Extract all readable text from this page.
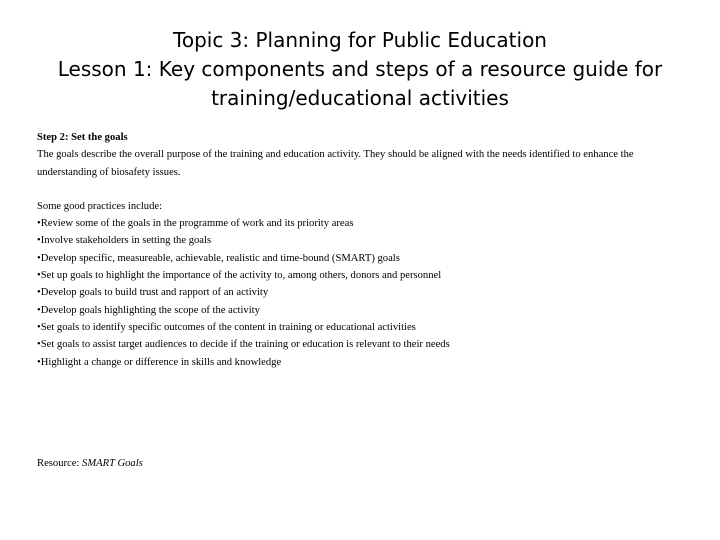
Topic 3: Planning for Public Education
Lesson 1: Key components and steps of a resource guide for
training/educational activities

Step 2: Set the goals

The goals describe the overall purpose of the training and education activity. They should be aligned with the needs identified to enhance the understanding of biosafety issues.

Some good practices include:

•Review some of the goals in the programme of work and its priority areas
•Involve stakeholders in setting the goals
•Develop specific, measureable, achievable, realistic and time-bound (SMART) goals
•Set up goals to highlight the importance of the activity to, among others, donors and personnel
•Develop goals to build trust and rapport of an activity
•Develop goals highlighting the scope of the activity
•Set goals to identify specific outcomes of the content in training or educational activities
•Set goals to assist target audiences to decide if the training or education is relevant to their needs
•Highlight a change or difference in skills and knowledge
Resource: SMART Goals
